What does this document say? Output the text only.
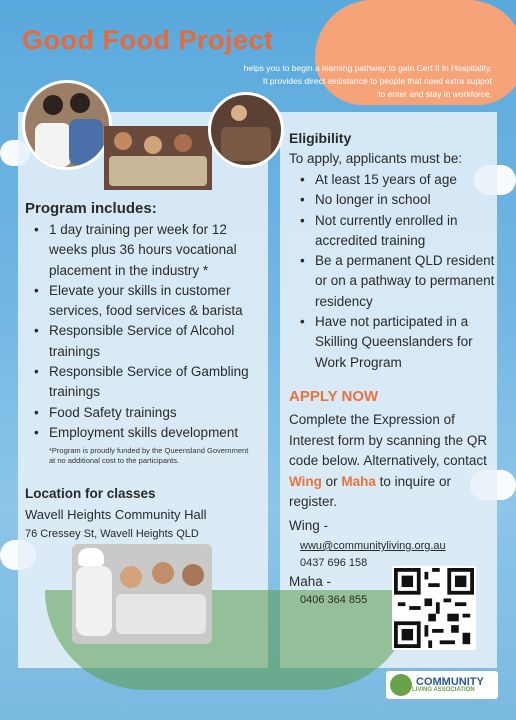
Good Food Project
helps you to begin a learning pathway to gain Cert II in Hospitality.
It provides direct assistance to people that need extra suppot
to enter and stay in workforce.
Program includes:
• 1 day training per week for 12 weeks plus 36 hours vocational placement in the industry *
• Elevate your skills in customer services, food services & barista
• Responsible Service of Alcohol trainings
• Responsible Service of Gambling trainings
• Food Safety trainings
• Employment skills development
*Program is proudly funded by the Queensland Government at no additional cost to the participants.
Location for classes
Wavell Heights Community Hall
76 Cressey St, Wavell Heights QLD
Eligibility
To apply, applicants must be:
• At least 15 years of age
• No longer in school
• Not currently enrolled in accredited training
• Be a permanent QLD resident or on a pathway to permanent residency
• Have not participated in a Skilling Queenslanders for Work Program
APPLY NOW
Complete the Expression of Interest form by scanning the QR code below. Alternatively, contact Wing or Maha to inquire or register.
Wing -
wwu@communityliving.org.au
0437 696 158
Maha -
0406 364 855
COMMUNITY
LIVING ASSOCIATION
